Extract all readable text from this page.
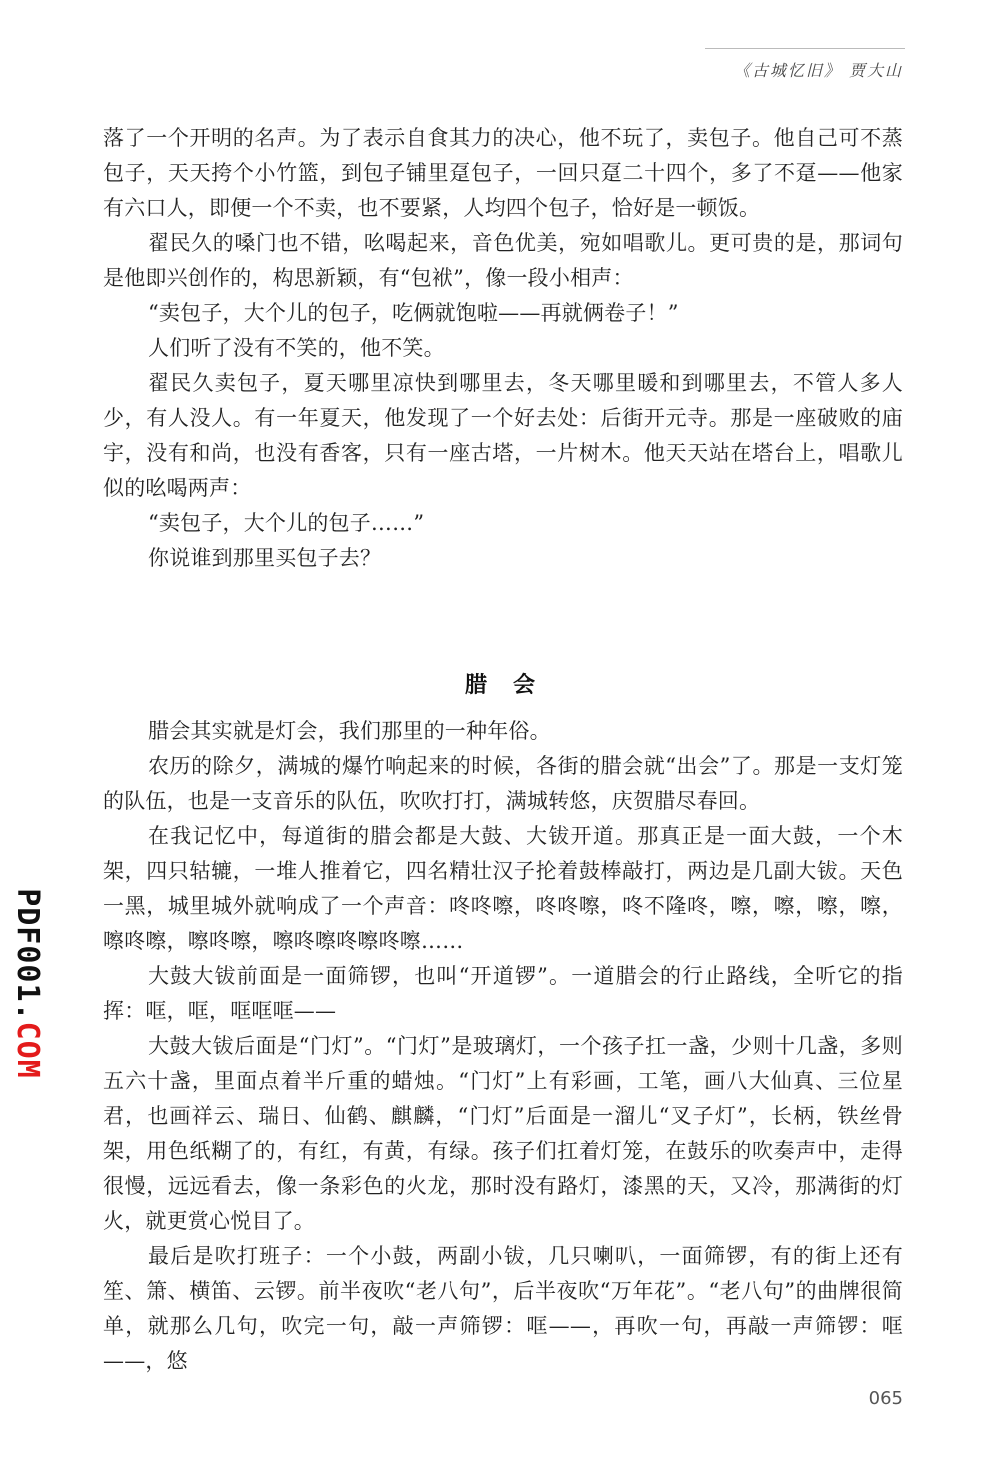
《古城忆旧》 贾大山

落了一个开明的名声。为了表示自食其力的决心，他不玩了，卖包子。他自己可不蒸包子，天天挎个小竹篮，到包子铺里趸包子，一回只趸二十四个，多了不趸——他家有六口人，即便一个不卖，也不要紧，人均四个包子，恰好是一顿饭。

翟民久的嗓门也不错，吆喝起来，音色优美，宛如唱歌儿。更可贵的是，那词句是他即兴创作的，构思新颖，有“包袱”，像一段小相声：

“卖包子，大个儿的包子，吃俩就饱啦——再就俩卷子！”

人们听了没有不笑的，他不笑。

翟民久卖包子，夏天哪里凉快到哪里去，冬天哪里暖和到哪里去，不管人多人少，有人没人。有一年夏天，他发现了一个好去处：后街开元寺。那是一座破败的庙宇，没有和尚，也没有香客，只有一座古塔，一片树木。他天天站在塔台上，唱歌儿似的吆喝两声：

“卖包子，大个儿的包子……”

你说谁到那里买包子去？

腊会

腊会其实就是灯会，我们那里的一种年俗。

农历的除夕，满城的爆竹响起来的时候，各街的腊会就“出会”了。那是一支灯笼的队伍，也是一支音乐的队伍，吹吹打打，满城转悠，庆贺腊尽春回。

在我记忆中，每道街的腊会都是大鼓、大钹开道。那真正是一面大鼓，一个木架，四只轱辘，一堆人推着它，四名精壮汉子抡着鼓棒敲打，两边是几副大钹。天色一黑，城里城外就响成了一个声音：咚咚嚓，咚咚嚓，咚不隆咚，嚓，嚓，嚓，嚓，嚓咚嚓，嚓咚嚓，嚓咚嚓咚嚓咚嚓……

大鼓大钹前面是一面筛锣，也叫“开道锣”。一道腊会的行止路线，全听它的指挥：哐，哐，哐哐哐——

大鼓大钹后面是“门灯”。“门灯”是玻璃灯，一个孩子扛一盏，少则十几盏，多则五六十盏，里面点着半斤重的蜡烛。“门灯”上有彩画，工笔，画八大仙真、三位星君，也画祥云、瑞日、仙鹤、麒麟，“门灯”后面是一溜儿“叉子灯”，长柄，铁丝骨架，用色纸糊了的，有红，有黄，有绿。孩子们扛着灯笼，在鼓乐的吹奏声中，走得很慢，远远看去，像一条彩色的火龙，那时没有路灯，漆黑的天，又冷，那满街的灯火，就更赏心悦目了。

最后是吹打班子：一个小鼓，两副小钹，几只喇叭，一面筛锣，有的街上还有笙、箫、横笛、云锣。前半夜吹“老八句”，后半夜吹“万年花”。“老八句”的曲牌很简单，就那么几句，吹完一句，敲一声筛锣：哐——，再吹一句，再敲一声筛锣：哐——，悠

PDF001.COM
065
